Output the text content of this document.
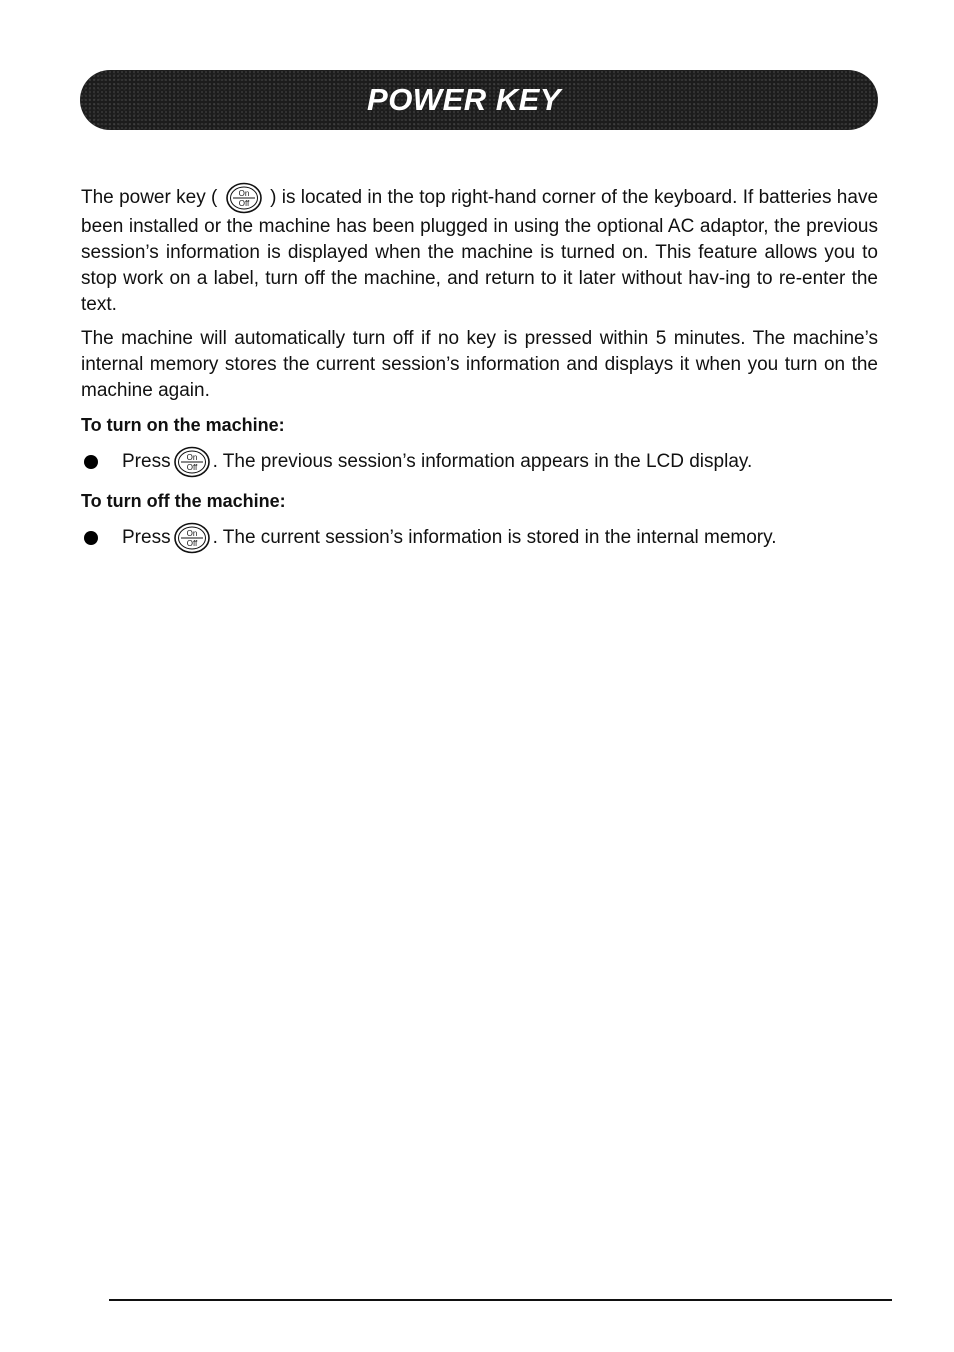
POWER KEY

The power key (	On
Off ) is located in the top right-hand corner of the keyboard. If batteries have been installed or the machine has been plugged in using the optional AC adaptor, the previous session’s information is displayed when the machine is turned on. This feature allows you to stop work on a label, turn off the machine, and return to it later without hav-ing to re-enter the text.

The machine will automatically turn off if no key is pressed within 5 minutes. The machine’s internal memory stores the current session’s information and displays it when you turn on the machine again.

To turn on the machine:
Press On
Off . The previous session’s information appears in the LCD display.
To turn off the machine:
Press On
Off . The current session’s information is stored in the internal memory.
